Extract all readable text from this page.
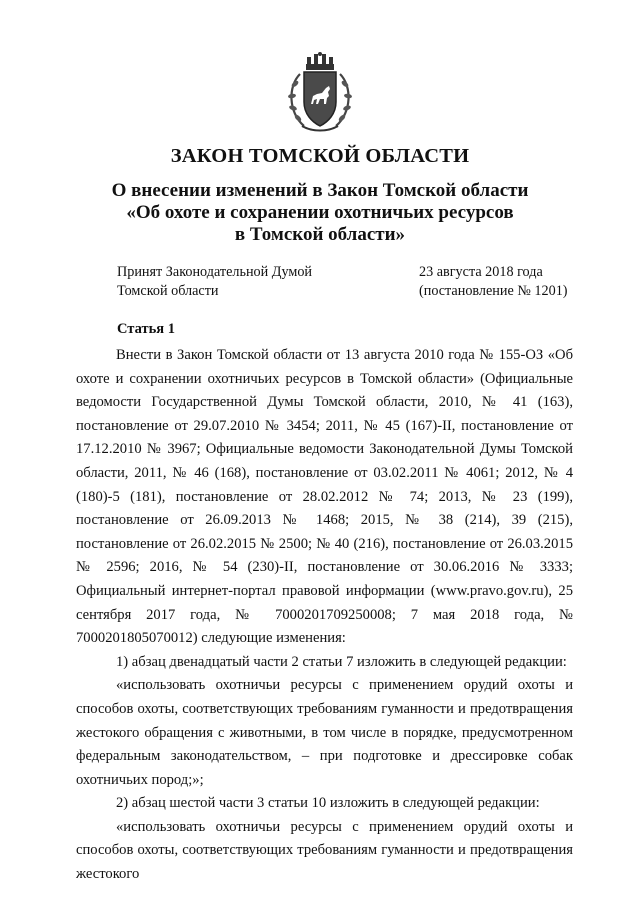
ЗАКОН ТОМСКОЙ ОБЛАСТИ
О внесении изменений в Закон Томской области
«Об охоте и сохранении охотничьих ресурсов
в Томской области»
Принят Законодательной Думой
Томской области
23 августа 2018 года
(постановление № 1201)
Статья 1

Внести в Закон Томской области от 13 августа 2010 года № 155-ОЗ «Об охоте и сохранении охотничьих ресурсов в Томской области» (Официальные ведомости Государственной Думы Томской области, 2010, № 41 (163), постановление от 29.07.2010 № 3454; 2011, № 45 (167)-II, постановление от 17.12.2010 № 3967; Официальные ведомости Законодательной Думы Томской области, 2011, № 46 (168), постановление от 03.02.2011 № 4061; 2012, № 4 (180)-5 (181), постановление от 28.02.2012 № 74; 2013, № 23 (199), постановление от 26.09.2013 № 1468; 2015, № 38 (214), 39 (215), постановление от 26.02.2015 № 2500; № 40 (216), постановление от 26.03.2015 № 2596; 2016, № 54 (230)-II, постановление от 30.06.2016 № 3333; Официальный интернет-портал правовой информации (www.pravo.gov.ru), 25 сентября 2017 года, № 7000201709250008; 7 мая 2018 года, № 7000201805070012) следующие изменения:

1) абзац двенадцатый части 2 статьи 7 изложить в следующей редакции:

«использовать охотничьи ресурсы с применением орудий охоты и способов охоты, соответствующих требованиям гуманности и предотвращения жестокого обращения с животными, в том числе в порядке, предусмотренном федеральным законодательством, – при подготовке и дрессировке собак охотничьих пород;»;

2) абзац шестой части 3 статьи 10 изложить в следующей редакции:

«использовать охотничьи ресурсы с применением орудий охоты и способов охоты, соответствующих требованиям гуманности и предотвращения жестокого
